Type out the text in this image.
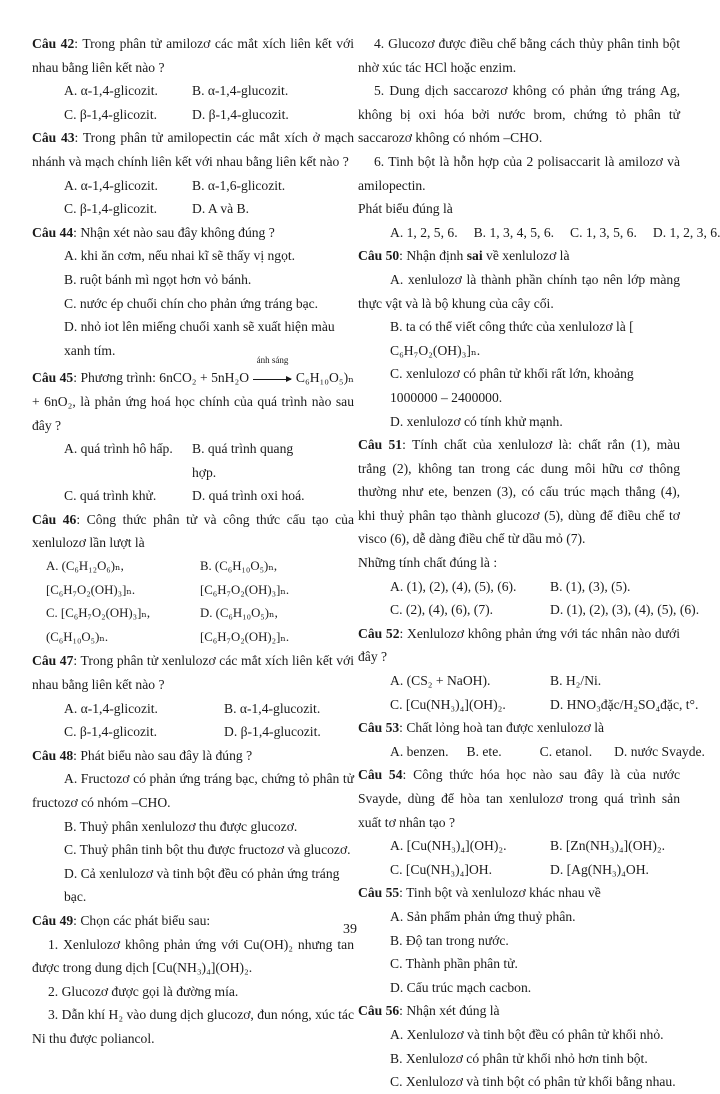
Câu 42: Trong phân tử amilozơ các mắt xích liên kết với nhau bằng liên kết nào ?

A. α-1,4-glicozit.	B. α-1,4-glucozit.
C. β-1,4-glicozit.	D. β-1,4-glucozit.

Câu 43: Trong phân tử amilopectin các mắt xích ở mạch nhánh và mạch chính liên kết với nhau bằng liên kết nào ?

A. α-1,4-glicozit.	B. α-1,6-glicozit.
C. β-1,4-glicozit.	D. A và B.

Câu 44: Nhận xét nào sau đây không đúng ?

A. khi ăn cơm, nếu nhai kĩ sẽ thấy vị ngọt.
B. ruột bánh mì ngọt hơn vỏ bánh.
C. nước ép chuối chín cho phản ứng tráng bạc.
D. nhỏ iot lên miếng chuối xanh sẽ xuất hiện màu xanh tím.

Câu 45: Phương trình: 6nCO₂ + 5nH₂O
ánh sáng
C₆H₁₀O₅)ₙ + 6nO₂, là phản ứng hoá học chính của quá trình nào sau đây ?

A. quá trình hô hấp.	B. quá trình quang hợp.
C. quá trình khử.	D. quá trình oxi hoá.

Câu 46: Công thức phân tử và công thức cấu tạo của xenlulozơ lần lượt là

A. (C₆H₁₂O₆)ₙ, [C₆H₇O₂(OH)₃]ₙ.
B. (C₆H₁₀O₅)ₙ, [C₆H₇O₂(OH)₃]ₙ.
C. [C₆H₇O₂(OH)₃]ₙ, (C₆H₁₀O₅)ₙ.
D. (C₆H₁₀O₅)ₙ, [C₆H₇O₂(OH)₂]ₙ.

Câu 47: Trong phân tử xenlulozơ các mắt xích liên kết với nhau bằng liên kết nào ?

A. α-1,4-glicozit.	B. α-1,4-glucozit.
C. β-1,4-glicozit.	D. β-1,4-glucozit.

Câu 48: Phát biểu nào sau đây là đúng ?

A. Fructozơ có phản ứng tráng bạc, chứng tỏ phân tử fructozơ có nhóm –CHO.
B. Thuỷ phân xenlulozơ thu được glucozơ.
C. Thuỷ phân tinh bột thu được fructozơ và glucozơ.
D. Cả xenlulozơ và tinh bột đều có phản ứng tráng bạc.

Câu 49: Chọn các phát biểu sau:

1. Xenlulozơ không phản ứng với Cu(OH)₂ nhưng tan được trong dung dịch [Cu(NH₃)₄](OH)₂.
2. Glucozơ được gọi là đường mía.
3. Dẫn khí H₂ vào dung dịch glucozơ, đun nóng, xúc tác Ni thu được poliancol.
4. Glucozơ được điều chế bằng cách thủy phân tinh bột nhờ xúc tác HCl hoặc enzim.
5. Dung dịch saccarozơ không có phản ứng tráng Ag, không bị oxi hóa bởi nước brom, chứng tỏ phân tử saccarozơ không có nhóm –CHO.
6. Tinh bột là hỗn hợp của 2 polisaccarit là amilozơ và amilopectin.
Phát biểu đúng là
A. 1, 2, 5, 6. B. 1, 3, 4, 5, 6. C. 1, 3, 5, 6. D. 1, 2, 3, 6.

Câu 50: Nhận định sai về xenlulozơ là

A. xenlulozơ là thành phần chính tạo nên lớp màng thực vật và là bộ khung của cây cối.
B. ta có thể viết công thức của xenlulozơ là [ C₆H₇O₂(OH)₃]ₙ.
C. xenlulozơ có phân tử khối rất lớn, khoảng 1000000 – 2400000.
D. xenlulozơ có tính khử mạnh.

Câu 51: Tính chất của xenlulozơ là: chất rắn (1), màu trắng (2), không tan trong các dung môi hữu cơ thông thường như ete, benzen (3), có cấu trúc mạch thẳng (4), khi thuỷ phân tạo thành glucozơ (5), dùng để điều chế tơ visco (6), dễ dàng điều chế từ dầu mỏ (7).

Những tính chất đúng là :
A. (1), (2), (4), (5), (6).	B. (1), (3), (5).
C. (2), (4), (6), (7).	D. (1), (2), (3), (4), (5), (6).

Câu 52: Xenlulozơ không phản ứng với tác nhân nào dưới đây ?

A. (CS₂ + NaOH).	B. H₂/Ni.
C. [Cu(NH₃)₄](OH)₂.	D. HNO₃đặc/H₂SO₄đặc, t°.

Câu 53: Chất lỏng hoà tan được xenlulozơ là

A. benzen. B. ete.	C. etanol. D. nước Svayde.

Câu 54: Công thức hóa học nào sau đây là của nước Svayde, dùng để hòa tan xenlulozơ trong quá trình sản xuất tơ nhân tạo ?

A. [Cu(NH₃)₄](OH)₂.	B. [Zn(NH₃)₄](OH)₂.
C. [Cu(NH₃)₄]OH.	D. [Ag(NH₃)₄OH.

Câu 55: Tinh bột và xenlulozơ khác nhau về

A. Sản phẩm phản ứng thuỷ phân.
B. Độ tan trong nước.
C. Thành phần phân tử.
D. Cấu trúc mạch cacbon.

Câu 56: Nhận xét đúng là

A. Xenlulozơ và tinh bột đều có phân tử khối nhỏ.
B. Xenlulozơ có phân tử khối nhỏ hơn tinh bột.
C. Xenlulozơ và tinh bột có phân tử khối bằng nhau.
39
